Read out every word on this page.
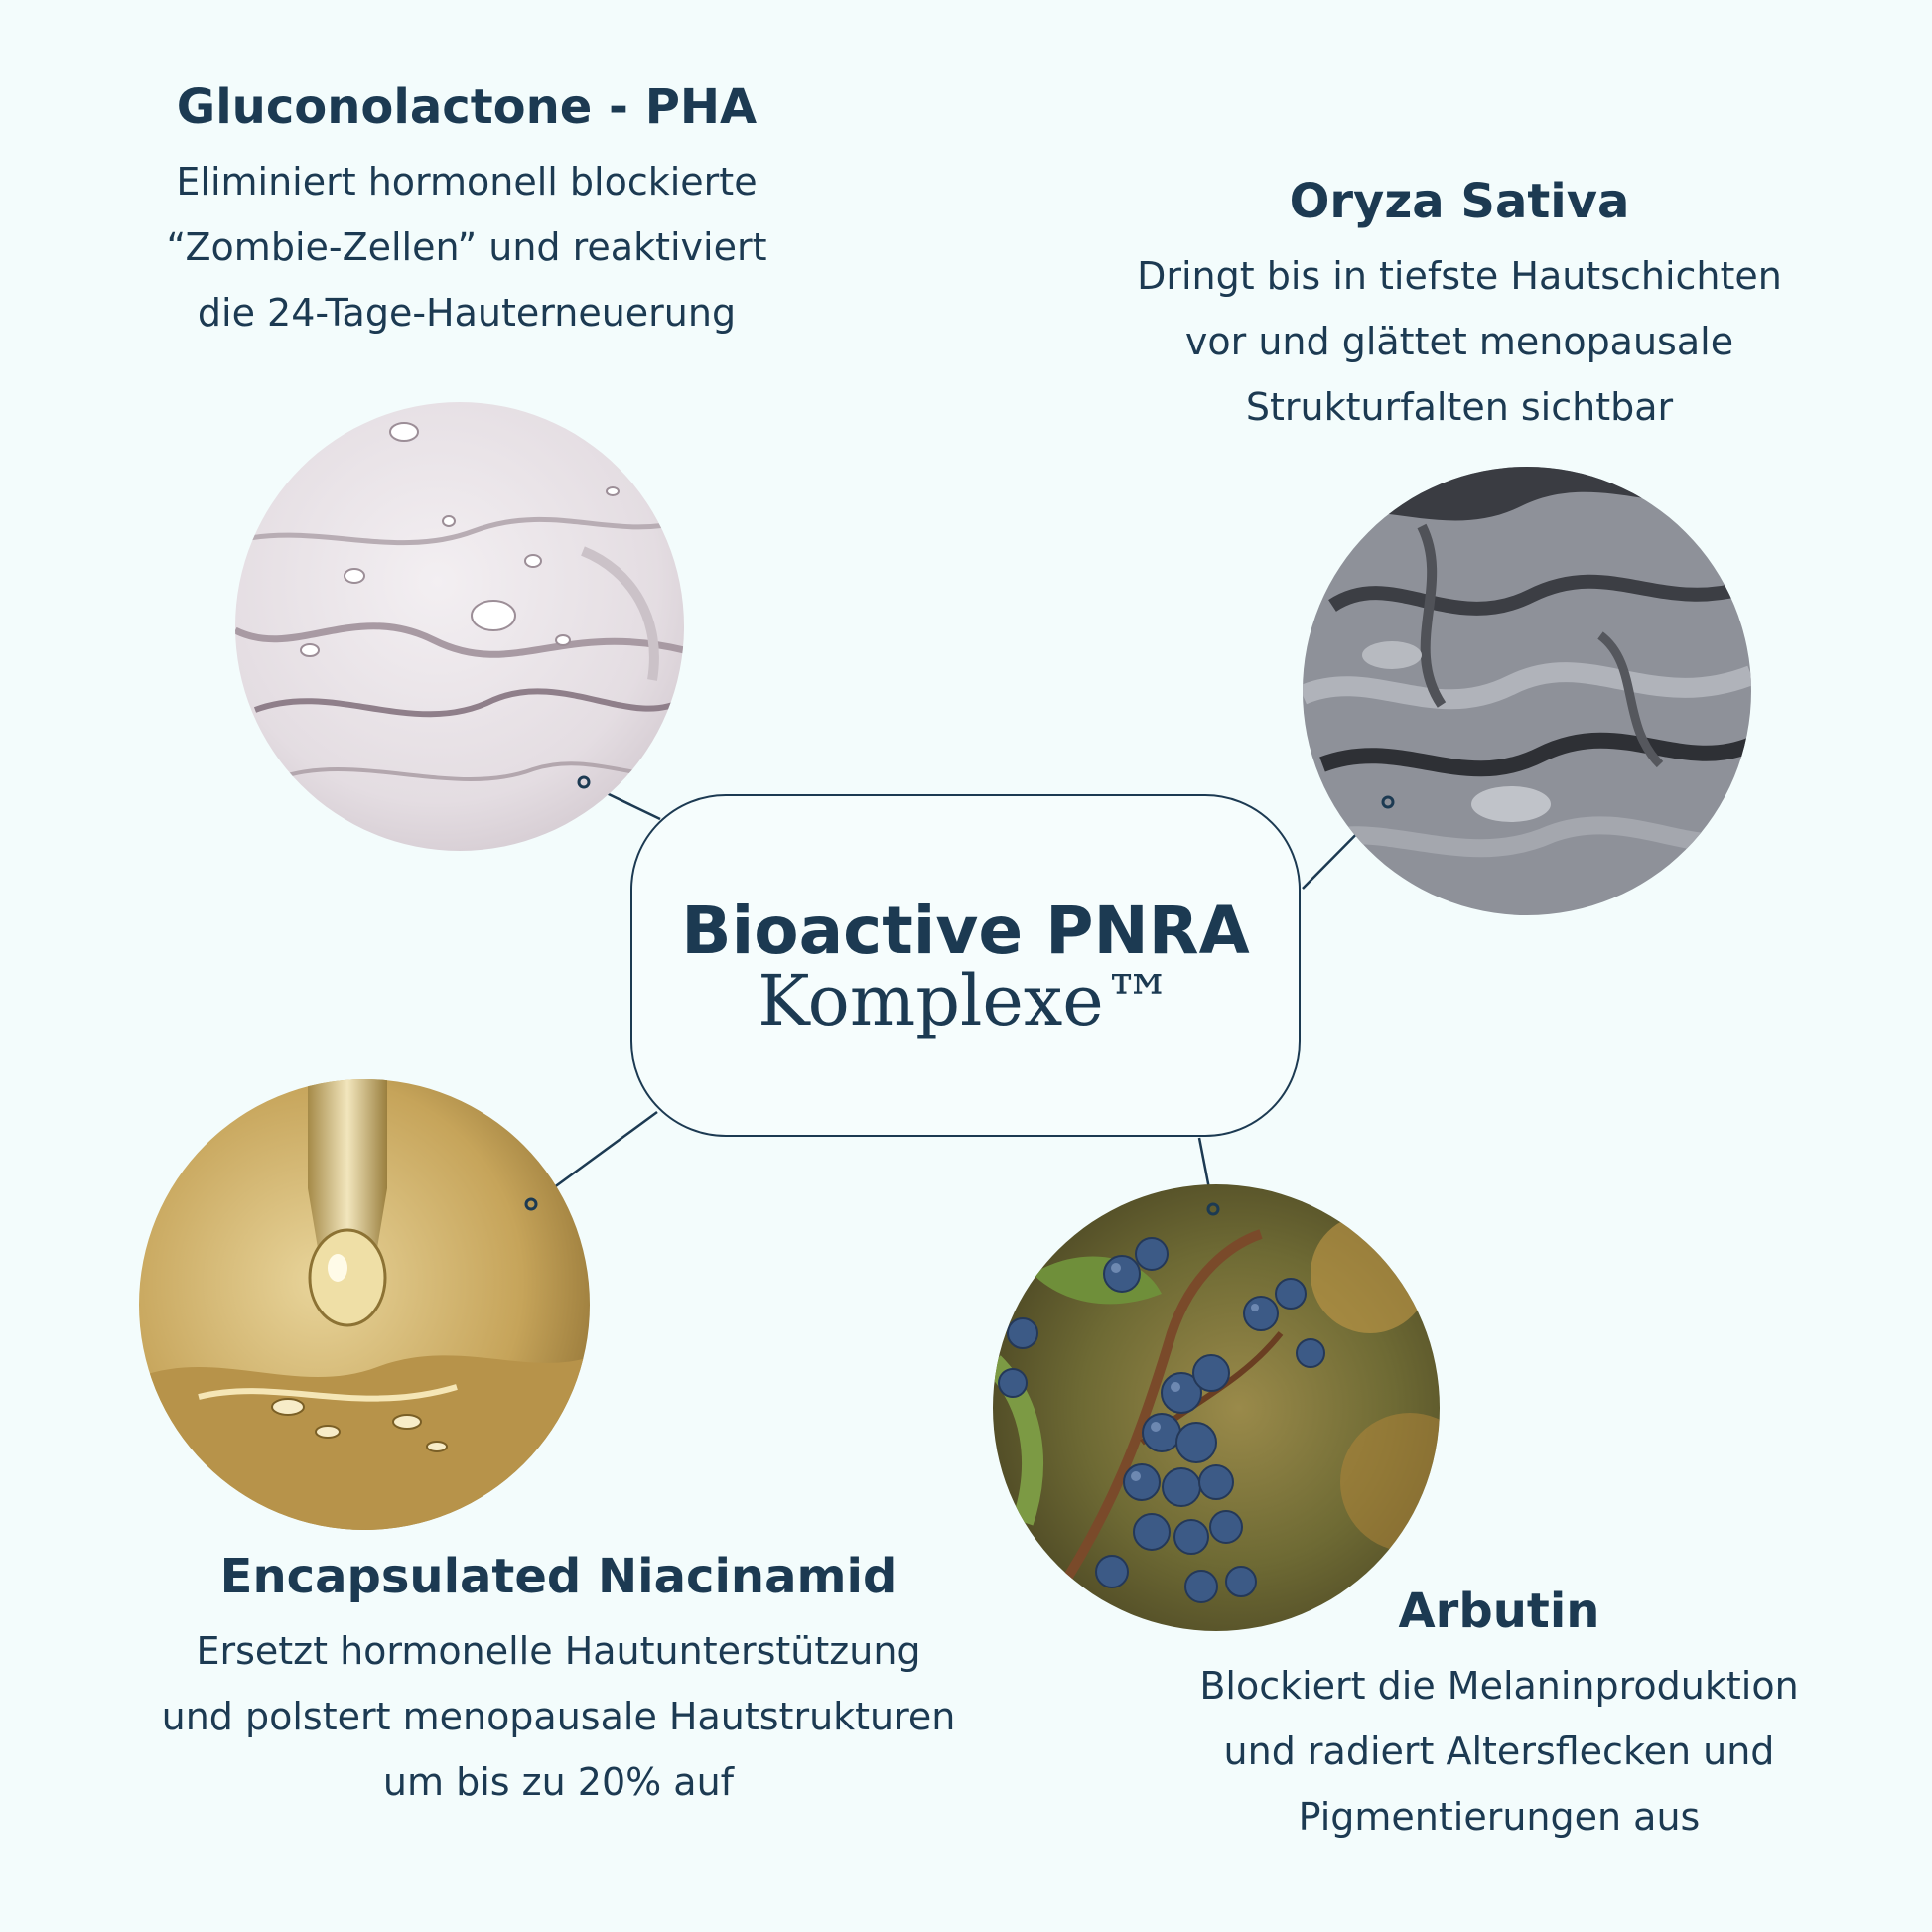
Gluconolactone - PHA

Eliminiert hormonell blockierte
“Zombie-Zellen” und reaktiviert
die 24-Tage-Hauterneuerung

Oryza Sativa

Dringt bis in tiefste Hautschichten
vor und glättet menopausale
Strukturfalten sichtbar

Encapsulated Niacinamid

Ersetzt hormonelle Hautunterstützung
und polstert menopausale Hautstrukturen
um bis zu 20% auf

Arbutin

Blockiert die Melaninproduktion
und radiert Altersflecken und
Pigmentierungen aus

Bioactive PNRA
Komplexe™
